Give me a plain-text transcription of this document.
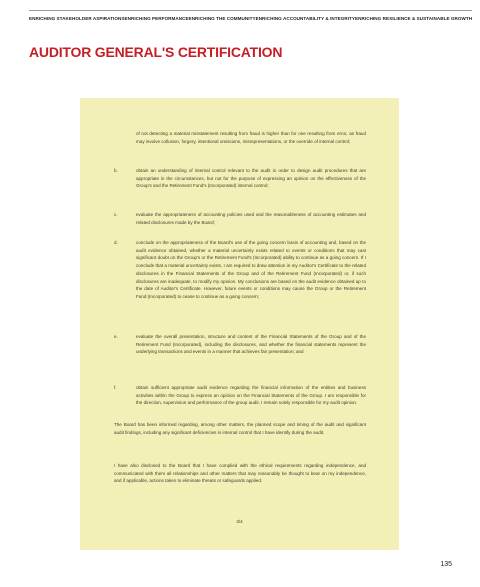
ENRICHING STAKEHOLDER ASPIRATIONS ENRICHING PERFORMANCE ENRICHING THE COMMUNITY ENRICHING ACCOUNTABILITY & INTEGRITY ENRICHING RESILIENCE & SUSTAINABLE GROWTH
AUDITOR GENERAL'S CERTIFICATION
of not detecting a material misstatement resulting from fraud is higher than for one resulting from error, as fraud may involve collusion, forgery, intentional omissions, misrepresentations, or the override of internal control;
b.	obtain an understanding of internal control relevant to the audit in order to design audit procedures that are appropriate in the circumstances, but not for the purpose of expressing an opinion on the effectiveness of the Group's and the Retirement Fund's (Incorporated) internal control;
c.	evaluate the appropriateness of accounting policies used and the reasonableness of accounting estimates and related disclosures made by the Board;
d.	conclude on the appropriateness of the Board's use of the going concern basis of accounting and, based on the audit evidence obtained, whether a material uncertainty exists related to events or conditions that may cast significant doubt on the Group's or the Retirement Fund's (Incorporated) ability to continue as a going concern. If I conclude that a material uncertainty exists, I am required to draw attention in my Auditor's Certificate to the related disclosures in the Financial Statements of the Group and of the Retirement Fund (Incorporated) or, if such disclosures are inadequate, to modify my opinion. My conclusions are based on the audit evidence obtained up to the date of Auditor's Certificate. However, future events or conditions may cause the Group or the Retirement Fund (Incorporated) to cease to continue as a going concern;
e.	evaluate the overall presentation, structure and content of the Financial Statements of the Group and of the Retirement Fund (Incorporated), including the disclosures, and whether the financial statements represent the underlying transactions and events in a manner that achieves fair presentation; and
f.	obtain sufficient appropriate audit evidence regarding the financial information of the entities and business activities within the Group to express an opinion on the Financial Statements of the Group. I am responsible for the direction, supervision and performance of the group audit. I remain solely responsible for my audit opinion.
The Board has been informed regarding, among other matters, the planned scope and timing of the audit and significant audit findings, including any significant deficiencies in internal control that I have identify during the audit.
I have also disclosed to the Board that I have complied with the ethical requirements regarding independence, and communicated with them all relationships and other matters that may reasonably be thought to bear on my independence, and if applicable, actions taken to eliminate threats or safeguards applied.
3/4
135
